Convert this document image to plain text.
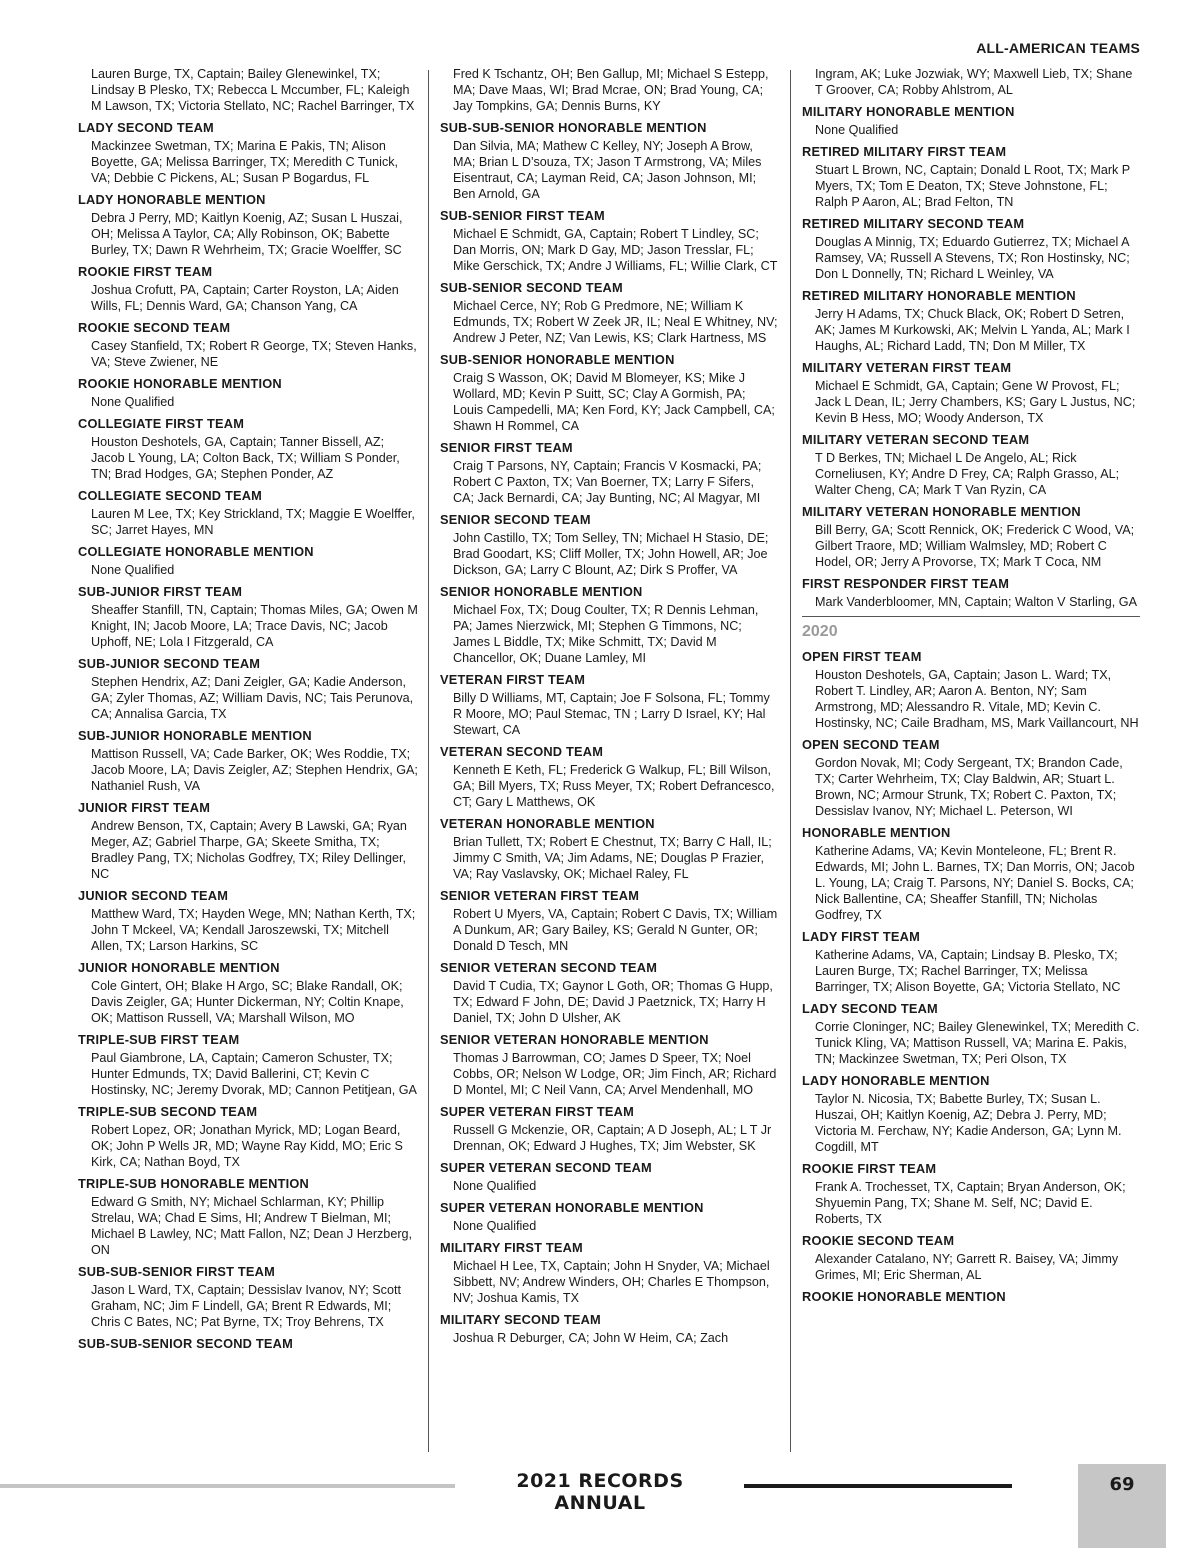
ALL-AMERICAN TEAMS

Lauren Burge, TX, Captain; Bailey Glenewinkel, TX; Lindsay B Plesko, TX; Rebecca L Mccumber, FL; Kaleigh M Lawson, TX; Victoria Stellato, NC; Rachel Barringer, TX

LADY SECOND TEAM

Mackinzee Swetman, TX; Marina E Pakis, TN; Alison Boyette, GA; Melissa Barringer, TX; Meredith C Tunick, VA; Debbie C Pickens, AL; Susan P Bogardus, FL

LADY HONORABLE MENTION

Debra J Perry, MD; Kaitlyn Koenig, AZ; Susan L Huszai, OH; Melissa A Taylor, CA; Ally Robinson, OK; Babette Burley, TX; Dawn R Wehrheim, TX; Gracie Woelffer, SC

ROOKIE FIRST TEAM

Joshua Crofutt, PA, Captain; Carter Royston, LA; Aiden Wills, FL; Dennis Ward, GA; Chanson Yang, CA

ROOKIE SECOND TEAM

Casey Stanfield, TX; Robert R George, TX; Steven Hanks, VA; Steve Zwiener, NE

ROOKIE HONORABLE MENTION

None Qualified

COLLEGIATE FIRST TEAM

Houston Deshotels, GA, Captain; Tanner Bissell, AZ; Jacob L Young, LA; Colton Back, TX; William S Ponder, TN; Brad Hodges, GA; Stephen Ponder, AZ

COLLEGIATE SECOND TEAM

Lauren M Lee, TX; Key Strickland, TX; Maggie E Woelffer, SC; Jarret Hayes, MN

COLLEGIATE HONORABLE MENTION

None Qualified

SUB-JUNIOR FIRST TEAM

Sheaffer Stanfill, TN, Captain; Thomas Miles, GA; Owen M Knight, IN; Jacob Moore, LA; Trace Davis, NC; Jacob Uphoff, NE; Lola I Fitzgerald, CA

SUB-JUNIOR SECOND TEAM

Stephen Hendrix, AZ; Dani Zeigler, GA; Kadie Anderson, GA; Zyler Thomas, AZ; William Davis, NC; Tais Perunova, CA; Annalisa Garcia, TX

SUB-JUNIOR HONORABLE MENTION

Mattison Russell, VA; Cade Barker, OK; Wes Roddie, TX; Jacob Moore, LA; Davis Zeigler, AZ; Stephen Hendrix, GA; Nathaniel Rush, VA

JUNIOR FIRST TEAM

Andrew Benson, TX, Captain; Avery B Lawski, GA; Ryan Meger, AZ; Gabriel Tharpe, GA; Skeete Smitha, TX; Bradley Pang, TX; Nicholas Godfrey, TX; Riley Dellinger, NC

JUNIOR SECOND TEAM

Matthew Ward, TX; Hayden Wege, MN; Nathan Kerth, TX; John T Mckeel, VA; Kendall Jaroszewski, TX; Mitchell Allen, TX; Larson Harkins, SC

JUNIOR HONORABLE MENTION

Cole Gintert, OH; Blake H Argo, SC; Blake Randall, OK; Davis Zeigler, GA; Hunter Dickerman, NY; Coltin Knape, OK; Mattison Russell, VA; Marshall Wilson, MO

TRIPLE-SUB FIRST TEAM

Paul Giambrone, LA, Captain; Cameron Schuster, TX; Hunter Edmunds, TX; David Ballerini, CT; Kevin C Hostinsky, NC; Jeremy Dvorak, MD; Cannon Petitjean, GA

TRIPLE-SUB SECOND TEAM

Robert Lopez, OR; Jonathan Myrick, MD; Logan Beard, OK; John P Wells JR, MD; Wayne Ray Kidd, MO; Eric S Kirk, CA; Nathan Boyd, TX

TRIPLE-SUB HONORABLE MENTION

Edward G Smith, NY; Michael Schlarman, KY; Phillip Strelau, WA; Chad E Sims, HI; Andrew T Bielman, MI; Michael B Lawley, NC; Matt Fallon, NZ; Dean J Herzberg, ON

SUB-SUB-SENIOR FIRST TEAM

Jason L Ward, TX, Captain; Dessislav Ivanov, NY; Scott Graham, NC; Jim F Lindell, GA; Brent R Edwards, MI; Chris C Bates, NC; Pat Byrne, TX; Troy Behrens, TX

SUB-SUB-SENIOR SECOND TEAM

Fred K Tschantz, OH; Ben Gallup, MI; Michael S Estepp, MA; Dave Maas, WI; Brad Mcrae, ON; Brad Young, CA; Jay Tompkins, GA; Dennis Burns, KY

SUB-SUB-SENIOR HONORABLE MENTION

Dan Silvia, MA; Mathew C Kelley, NY; Joseph A Brow, MA; Brian L D’souza, TX; Jason T Armstrong, VA; Miles Eisentraut, CA; Layman Reid, CA; Jason Johnson, MI; Ben Arnold, GA

SUB-SENIOR FIRST TEAM

Michael E Schmidt, GA, Captain; Robert T Lindley, SC; Dan Morris, ON; Mark D Gay, MD; Jason Tresslar, FL; Mike Gerschick, TX; Andre J Williams, FL; Willie Clark, CT

SUB-SENIOR SECOND TEAM

Michael Cerce, NY; Rob G Predmore, NE; William K Edmunds, TX; Robert W Zeek JR, IL; Neal E Whitney, NV; Andrew J Peter, NZ; Van Lewis, KS; Clark Hartness, MS

SUB-SENIOR HONORABLE MENTION

Craig S Wasson, OK; David M Blomeyer, KS; Mike J Wollard, MD; Kevin P Suitt, SC; Clay A Gormish, PA; Louis Campedelli, MA; Ken Ford, KY; Jack Campbell, CA; Shawn H Rommel, CA

SENIOR FIRST TEAM

Craig T Parsons, NY, Captain; Francis V Kosmacki, PA; Robert C Paxton, TX; Van Boerner, TX; Larry F Sifers, CA; Jack Bernardi, CA; Jay Bunting, NC; Al Magyar, MI

SENIOR SECOND TEAM

John Castillo, TX; Tom Selley, TN; Michael H Stasio, DE; Brad Goodart, KS; Cliff Moller, TX; John Howell, AR; Joe Dickson, GA; Larry C Blount, AZ; Dirk S Proffer, VA

SENIOR HONORABLE MENTION

Michael Fox, TX; Doug Coulter, TX; R Dennis Lehman, PA; James Nierzwick, MI; Stephen G Timmons, NC; James L Biddle, TX; Mike Schmitt, TX; David M Chancellor, OK; Duane Lamley, MI

VETERAN FIRST TEAM

Billy D Williams, MT, Captain; Joe F Solsona, FL; Tommy R Moore, MO; Paul Stemac, TN ; Larry D Israel, KY; Hal Stewart, CA

VETERAN SECOND TEAM

Kenneth E Keth, FL; Frederick G Walkup, FL; Bill Wilson, GA; Bill Myers, TX; Russ Meyer, TX; Robert Defrancesco, CT; Gary L Matthews, OK

VETERAN HONORABLE MENTION

Brian Tullett, TX; Robert E Chestnut, TX; Barry C Hall, IL; Jimmy C Smith, VA; Jim Adams, NE; Douglas P Frazier, VA; Ray Vaslavsky, OK; Michael Raley, FL

SENIOR VETERAN FIRST TEAM

Robert U Myers, VA, Captain; Robert C Davis, TX; William A Dunkum, AR; Gary Bailey, KS; Gerald N Gunter, OR; Donald D Tesch, MN

SENIOR VETERAN SECOND TEAM

David T Cudia, TX; Gaynor L Goth, OR; Thomas G Hupp, TX; Edward F John, DE; David J Paetznick, TX; Harry H Daniel, TX; John D Ulsher, AK

SENIOR VETERAN HONORABLE MENTION

Thomas J Barrowman, CO; James D Speer, TX; Noel Cobbs, OR; Nelson W Lodge, OR; Jim Finch, AR; Richard D Montel, MI; C Neil Vann, CA; Arvel Mendenhall, MO

SUPER VETERAN FIRST TEAM

Russell G Mckenzie, OR, Captain; A D Joseph, AL; L T Jr Drennan, OK; Edward J Hughes, TX; Jim Webster, SK

SUPER VETERAN SECOND TEAM

None Qualified

SUPER VETERAN HONORABLE MENTION

None Qualified

MILITARY FIRST TEAM

Michael H Lee, TX, Captain; John H Snyder, VA; Michael Sibbett, NV; Andrew Winders, OH; Charles E Thompson, NV; Joshua Kamis, TX

MILITARY SECOND TEAM

Joshua R Deburger, CA; John W Heim, CA; Zach

Ingram, AK; Luke Jozwiak, WY; Maxwell Lieb, TX; Shane T Groover, CA; Robby Ahlstrom, AL

MILITARY HONORABLE MENTION

None Qualified

RETIRED MILITARY FIRST TEAM

Stuart L Brown, NC, Captain; Donald L Root, TX; Mark P Myers, TX; Tom E Deaton, TX; Steve Johnstone, FL; Ralph P Aaron, AL; Brad Felton, TN

RETIRED MILITARY SECOND TEAM

Douglas A Minnig, TX; Eduardo Gutierrez, TX; Michael A Ramsey, VA; Russell A Stevens, TX; Ron Hostinsky, NC; Don L Donnelly, TN; Richard L Weinley, VA

RETIRED MILITARY HONORABLE MENTION

Jerry H Adams, TX; Chuck Black, OK; Robert D Setren, AK; James M Kurkowski, AK; Melvin L Yanda, AL; Mark I Haughs, AL; Richard Ladd, TN; Don M Miller, TX

MILITARY VETERAN FIRST TEAM

Michael E Schmidt, GA, Captain; Gene W Provost, FL; Jack L Dean, IL; Jerry Chambers, KS; Gary L Justus, NC; Kevin B Hess, MO; Woody Anderson, TX

MILITARY VETERAN SECOND TEAM

T D Berkes, TN; Michael L De Angelo, AL; Rick Corneliusen, KY; Andre D Frey, CA; Ralph Grasso, AL; Walter Cheng, CA; Mark T Van Ryzin, CA

MILITARY VETERAN HONORABLE MENTION

Bill Berry, GA; Scott Rennick, OK; Frederick C Wood, VA; Gilbert Traore, MD; William Walmsley, MD; Robert C Hodel, OR; Jerry A Provorse, TX; Mark T Coca, NM

FIRST RESPONDER FIRST TEAM

Mark Vanderbloomer, MN, Captain; Walton V Starling, GA

2020
OPEN FIRST TEAM

Houston Deshotels, GA, Captain; Jason L. Ward; TX, Robert T. Lindley, AR; Aaron A. Benton, NY; Sam Armstrong, MD; Alessandro R. Vitale, MD; Kevin C. Hostinsky, NC; Caile Bradham, MS, Mark Vaillancourt, NH

OPEN SECOND TEAM

Gordon Novak, MI; Cody Sergeant, TX; Brandon Cade, TX; Carter Wehrheim, TX; Clay Baldwin, AR; Stuart L. Brown, NC; Armour Strunk, TX; Robert C. Paxton, TX; Dessislav Ivanov, NY; Michael L. Peterson, WI

HONORABLE MENTION

Katherine Adams, VA; Kevin Monteleone, FL; Brent R. Edwards, MI; John L. Barnes, TX; Dan Morris, ON; Jacob L. Young, LA; Craig T. Parsons, NY; Daniel S. Bocks, CA; Nick Ballentine, CA; Sheaffer Stanfill, TN; Nicholas Godfrey, TX

LADY FIRST TEAM

Katherine Adams, VA, Captain; Lindsay B. Plesko, TX; Lauren Burge, TX; Rachel Barringer, TX; Melissa Barringer, TX; Alison Boyette, GA; Victoria Stellato, NC

LADY SECOND TEAM

Corrie Cloninger, NC; Bailey Glenewinkel, TX; Meredith C. Tunick Kling, VA; Mattison Russell, VA; Marina E. Pakis, TN; Mackinzee Swetman, TX; Peri Olson, TX

LADY HONORABLE MENTION

Taylor N. Nicosia, TX; Babette Burley, TX; Susan L. Huszai, OH; Kaitlyn Koenig, AZ; Debra J. Perry, MD; Victoria M. Ferchaw, NY; Kadie Anderson, GA; Lynn M. Cogdill, MT

ROOKIE FIRST TEAM

Frank A. Trochesset, TX, Captain; Bryan Anderson, OK; Shyuemin Pang, TX; Shane M. Self, NC; David E. Roberts, TX

ROOKIE SECOND TEAM

Alexander Catalano, NY; Garrett R. Baisey, VA; Jimmy Grimes, MI; Eric Sherman, AL

ROOKIE HONORABLE MENTION
2021 RECORDS ANNUAL
69
